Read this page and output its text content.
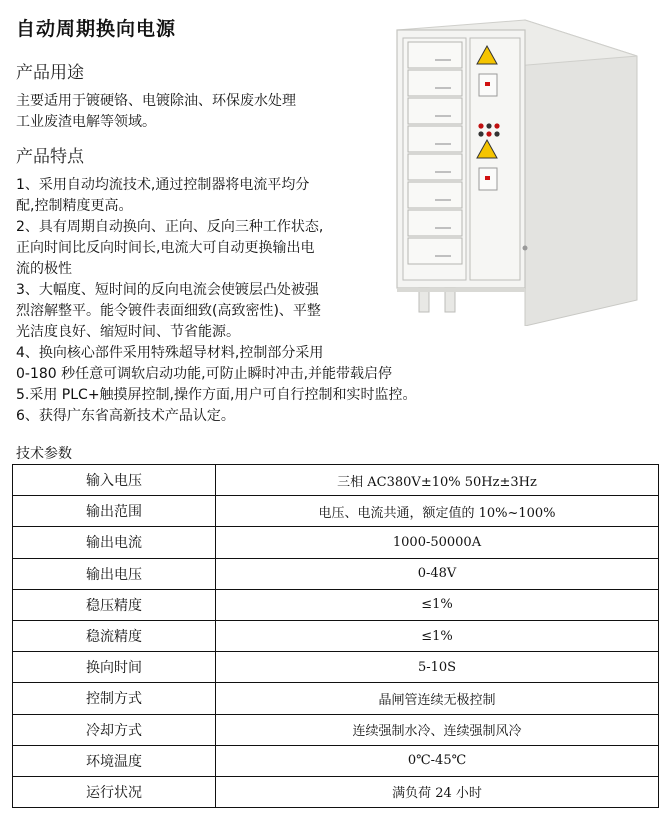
自动周期换向电源
产品用途
主要适用于镀硬铬、电镀除油、环保废水处理
工业废渣电解等领域。
产品特点
1、采用自动均流技术,通过控制器将电流平均分
配,控制精度更高。
2、具有周期自动换向、正向、反向三种工作状态,
正向时间比反向时间长,电流大可自动更换输出电
流的极性
3、大幅度、短时间的反向电流会使镀层凸处被强
烈溶解整平。能令镀件表面细致(高致密性)、平整
光洁度良好、缩短时间、节省能源。
4、换向核心部件采用特殊超导材料,控制部分采用
0-180 秒任意可调软启动功能,可防止瞬时冲击,并能带载启停
5.采用 PLC+触摸屏控制,操作方面,用户可自行控制和实时监控。
6、获得广东省高新技术产品认定。
技术参数
输入电压	三相 AC380V±10% 50Hz±3Hz
输出范围	电压、电流共通，额定值的 10%~100%
输出电流	1000-50000A
输出电压	0-48V
稳压精度	≤1%
稳流精度	≤1%
换向时间	5-10S
控制方式	晶闸管连续无极控制
冷却方式	连续强制水冷、连续强制风冷
环境温度	0℃-45℃
运行状况	满负荷 24 小时
